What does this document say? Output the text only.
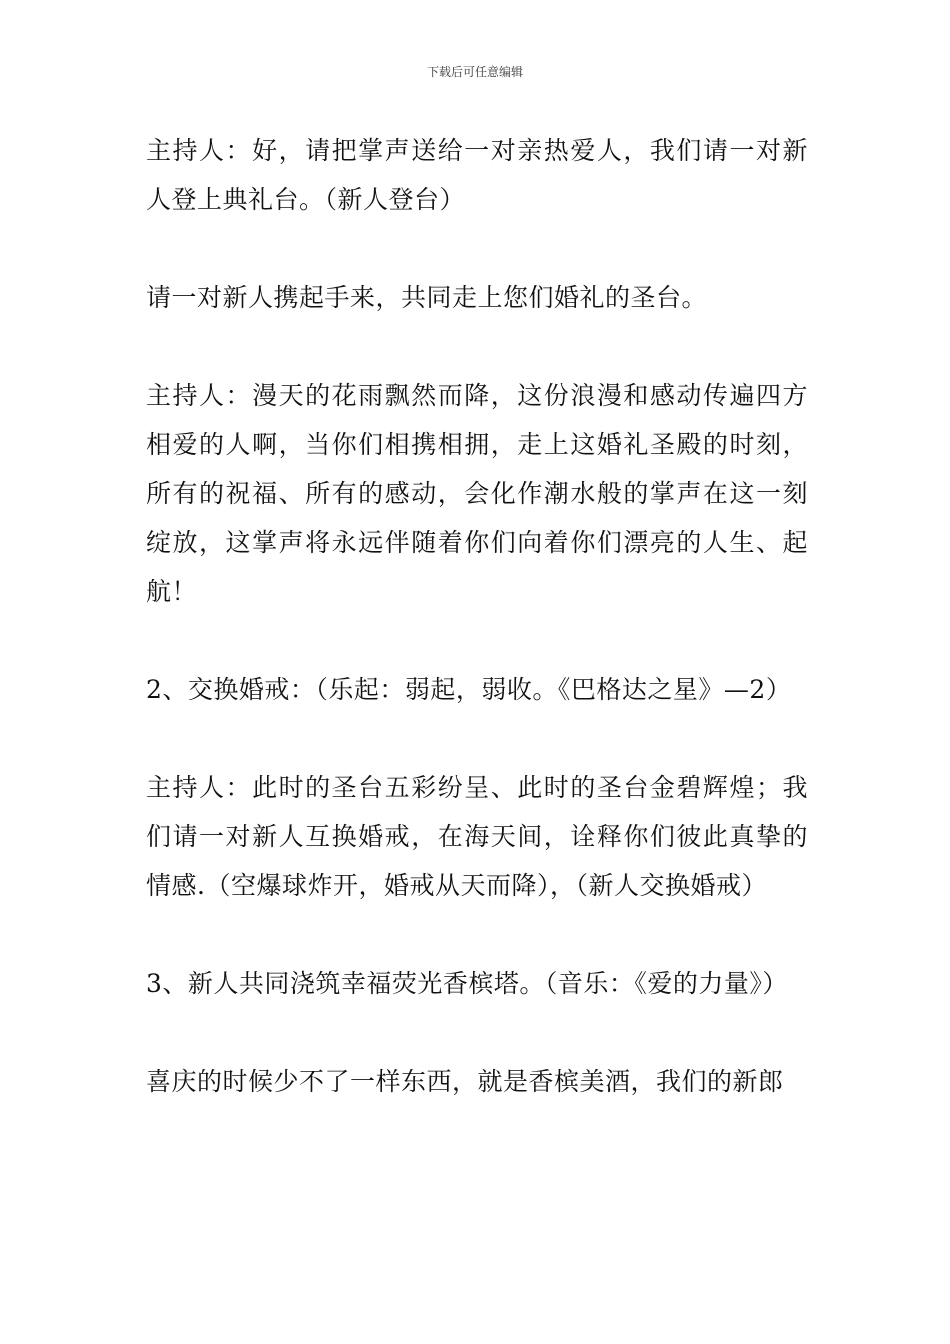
下载后可任意编辑

主持人：好，请把掌声送给一对亲热爱人，我们请一对新人登上典礼台。（新人登台）

请一对新人携起手来，共同走上您们婚礼的圣台。

主持人：漫天的花雨飘然而降，这份浪漫和感动传遍四方相爱的人啊，当你们相携相拥，走上这婚礼圣殿的时刻，所有的祝福、所有的感动，会化作潮水般的掌声在这一刻绽放，这掌声将永远伴随着你们向着你们漂亮的人生、起航！

2、交换婚戒：（乐起：弱起，弱收。《巴格达之星》—2）

主持人：此时的圣台五彩纷呈、此时的圣台金碧辉煌；我们请一对新人互换婚戒，在海天间，诠释你们彼此真挚的情感.（空爆球炸开，婚戒从天而降），（新人交换婚戒）

3、新人共同浇筑幸福荧光香槟塔。（音乐：《爱的力量》）

喜庆的时候少不了一样东西，就是香槟美酒，我们的新郎
